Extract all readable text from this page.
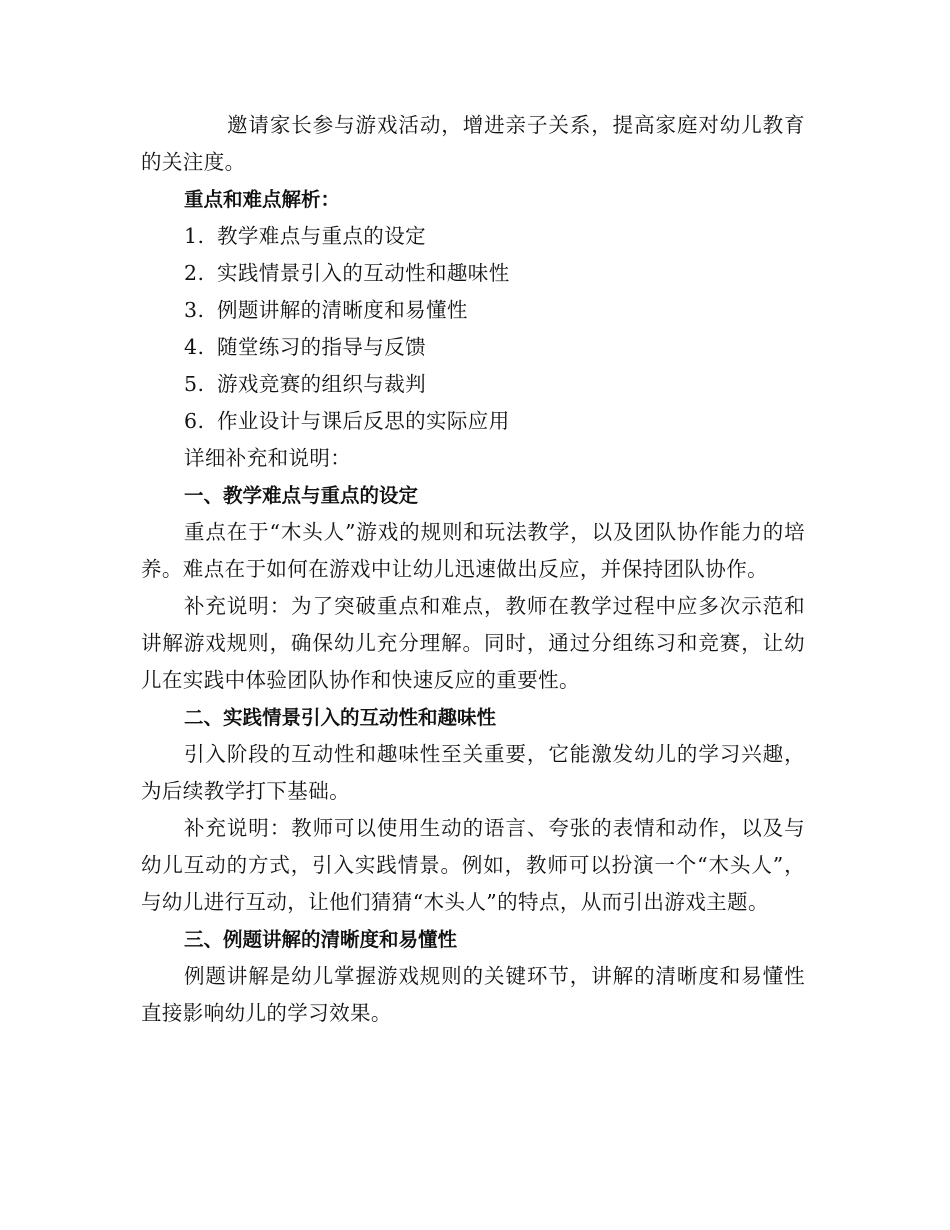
邀请家长参与游戏活动，增进亲子关系，提高家庭对幼儿教育的关注度。

重点和难点解析：

1. 教学难点与重点的设定
2. 实践情景引入的互动性和趣味性
3. 例题讲解的清晰度和易懂性
4. 随堂练习的指导与反馈
5. 游戏竞赛的组织与裁判
6. 作业设计与课后反思的实际应用

详细补充和说明：

一、教学难点与重点的设定

重点在于“木头人”游戏的规则和玩法教学，以及团队协作能力的培养。难点在于如何在游戏中让幼儿迅速做出反应，并保持团队协作。

补充说明：为了突破重点和难点，教师在教学过程中应多次示范和讲解游戏规则，确保幼儿充分理解。同时，通过分组练习和竞赛，让幼儿在实践中体验团队协作和快速反应的重要性。

二、实践情景引入的互动性和趣味性

引入阶段的互动性和趣味性至关重要，它能激发幼儿的学习兴趣，为后续教学打下基础。

补充说明：教师可以使用生动的语言、夸张的表情和动作，以及与幼儿互动的方式，引入实践情景。例如，教师可以扮演一个“木头人”，与幼儿进行互动，让他们猜猜“木头人”的特点，从而引出游戏主题。

三、例题讲解的清晰度和易懂性

例题讲解是幼儿掌握游戏规则的关键环节，讲解的清晰度和易懂性直接影响幼儿的学习效果。
